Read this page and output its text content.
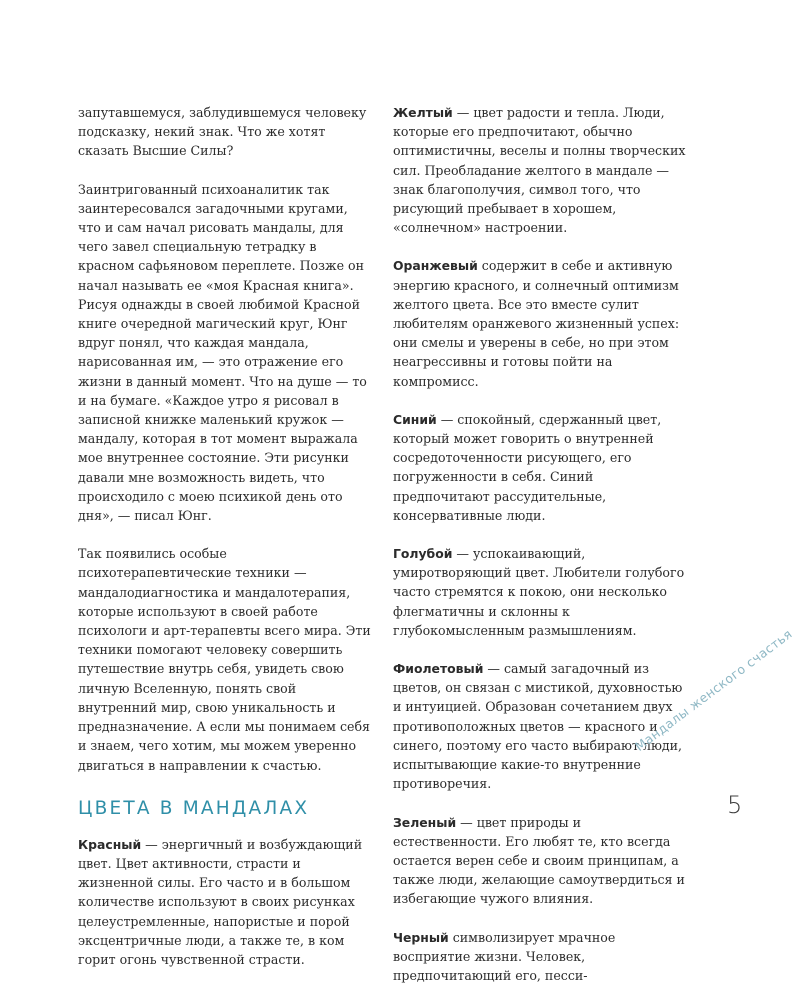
запутавшемуся, заблудившемуся человеку подсказку, некий знак. Что же хотят сказать Высшие Силы?

Заинтригованный психоаналитик так заинтересовался загадочными кругами, что и сам начал рисовать мандалы, для чего завел специальную тетрадку в красном сафьяновом переплете. Позже он начал называть ее «моя Красная книга». Рисуя однажды в своей любимой Красной книге очередной магический круг, Юнг вдруг понял, что каждая мандала, нарисованная им, — это отражение его жизни в данный момент. Что на душе — то и на бумаге. «Каждое утро я рисовал в записной книжке маленький кружок — мандалу, которая в тот момент выражала мое внутреннее состояние. Эти рисунки давали мне возможность видеть, что происходило с моею психикой день ото дня», — писал Юнг.

Так появились особые психотерапевтические техники — мандалодиагностика и мандалотерапия, которые используют в своей работе психологи и арт-терапевты всего мира. Эти техники помогают человеку совершить путешествие внутрь себя, увидеть свою личную Вселенную, понять свой внутренний мир, свою уникальность и предназначение. А если мы понимаем себя и знаем, чего хотим, мы можем уверенно двигаться в направлении к счастью.

ЦВЕТА В МАНДАЛАХ

Красный — энергичный и возбуждающий цвет. Цвет активности, страсти и жизненной силы. Его часто и в большом количестве используют в своих рисунках целеустремленные, напористые и порой эксцентричные люди, а также те, в ком горит огонь чувственной страсти.

Желтый — цвет радости и тепла. Люди, которые его предпочитают, обычно оптимистичны, веселы и полны творческих сил. Преобладание желтого в мандале — знак благополучия, символ того, что рисующий пребывает в хорошем, «солнечном» настроении.

Оранжевый содержит в себе и активную энергию красного, и солнечный оптимизм желтого цвета. Все это вместе сулит любителям оранжевого жизненный успех: они смелы и уверены в себе, но при этом неагрессивны и готовы пойти на компромисс.

Синий — спокойный, сдержанный цвет, который может говорить о внутренней сосредоточенности рисующего, его погруженности в себя. Синий предпочитают рассудительные, консервативные люди.

Голубой — успокаивающий, умиротворяющий цвет. Любители голубого часто стремятся к покою, они несколько флегматичны и склонны к глубокомысленным размышлениям.

Фиолетовый — самый загадочный из цветов, он связан с мистикой, духовностью и интуицией. Образован сочетанием двух противоположных цветов — красного и синего, поэтому его часто выбирают люди, испытывающие какие-то внутренние противоречия.

Зеленый — цвет природы и естественности. Его любят те, кто всегда остается верен себе и своим принципам, а также люди, желающие самоутвердиться и избегающие чужого влияния.

Черный символизирует мрачное восприятие жизни. Человек, предпочитающий его, песси-

Мандалы женского счастья
5
